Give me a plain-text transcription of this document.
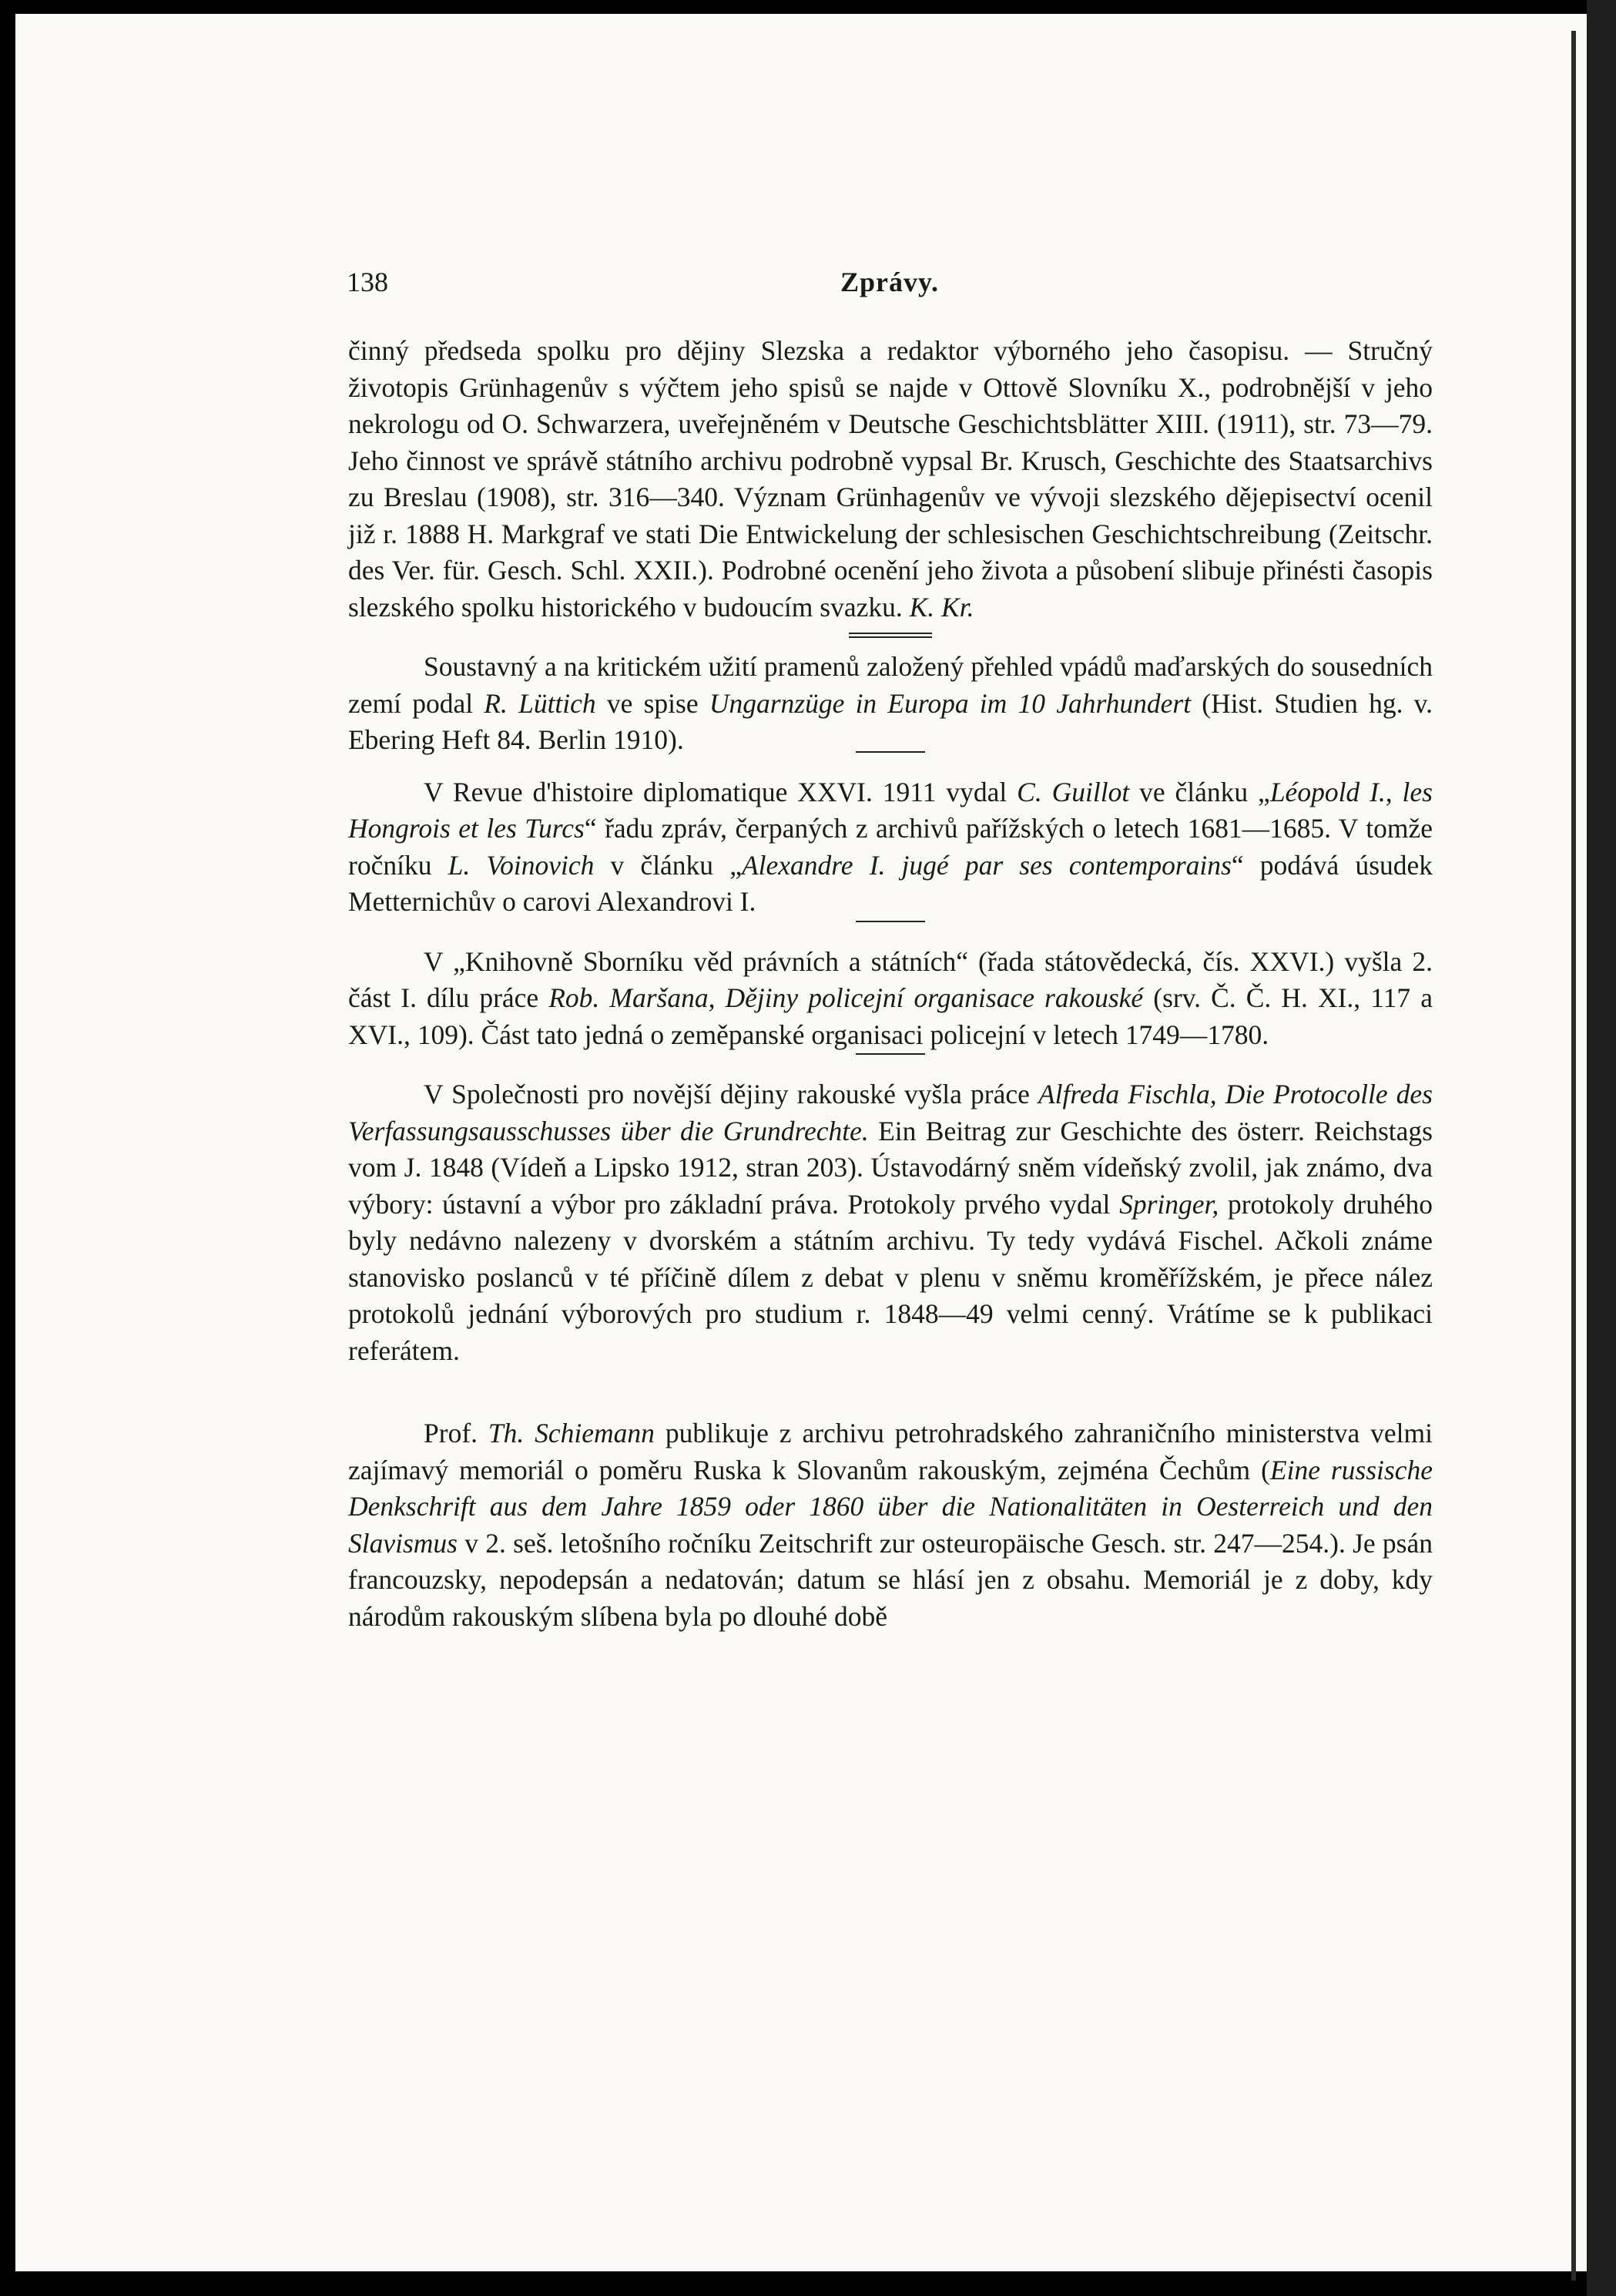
138	Zprávy.

činný předseda spolku pro dějiny Slezska a redaktor výborného jeho časopisu. — Stručný životopis Grünhagenův s výčtem jeho spisů se najde v Ottově Slovníku X., podrobnější v jeho nekrologu od O. Schwarzera, uveřejněném v Deutsche Geschichtsblätter XIII. (1911), str. 73—79. Jeho činnost ve správě státního archivu podrobně vypsal Br. Krusch, Geschichte des Staatsarchivs zu Breslau (1908), str. 316—340. Význam Grünhagenův ve vývoji slezského dějepisectví ocenil již r. 1888 H. Markgraf ve stati Die Entwickelung der schlesischen Geschichtschreibung (Zeitschr. des Ver. für. Gesch. Schl. XXII.). Podrobné ocenění jeho života a působení slibuje přinésti časopis slezského spolku historického v budoucím svazku. K. Kr.

Soustavný a na kritickém užití pramenů založený přehled vpádů maďarských do sousedních zemí podal R. Lüttich ve spise Ungarnzüge in Europa im 10 Jahrhundert (Hist. Studien hg. v. Ebering Heft 84. Berlin 1910).

V Revue d'histoire diplomatique XXVI. 1911 vydal C. Guillot ve článku „Léopold I., les Hongrois et les Turcs“ řadu zpráv, čerpaných z archivů pařížských o letech 1681—1685. V tomže ročníku L. Voinovich v článku „Alexandre I. jugé par ses contemporains“ podává úsudek Metternichův o carovi Alexandrovi I.

V „Knihovně Sborníku věd právních a státních“ (řada státovědecká, čís. XXVI.) vyšla 2. část I. dílu práce Rob. Maršana, Dějiny policejní organisace rakouské (srv. Č. Č. H. XI., 117 a XVI., 109). Část tato jedná o zeměpanské organisaci policejní v letech 1749—1780.

V Společnosti pro novější dějiny rakouské vyšla práce Alfreda Fischla, Die Protocolle des Verfassungsausschusses über die Grundrechte. Ein Beitrag zur Geschichte des österr. Reichstags vom J. 1848 (Vídeň a Lipsko 1912, stran 203). Ústavodárný sněm vídeňský zvolil, jak známo, dva výbory: ústavní a výbor pro základní práva. Protokoly prvého vydal Springer, protokoly druhého byly nedávno nalezeny v dvorském a státním archivu. Ty tedy vydává Fischel. Ačkoli známe stanovisko poslanců v té příčině dílem z debat v plenu v sněmu kroměřížském, je přece nález protokolů jednání výborových pro studium r. 1848—49 velmi cenný. Vrátíme se k publikaci referátem.

Prof. Th. Schiemann publikuje z archivu petrohradského zahraničního ministerstva velmi zajímavý memoriál o poměru Ruska k Slovanům rakouským, zejména Čechům (Eine russische Denkschrift aus dem Jahre 1859 oder 1860 über die Nationalitäten in Oesterreich und den Slavismus v 2. seš. letošního ročníku Zeitschrift zur osteuropäische Gesch. str. 247—254.). Je psán francouzsky, nepodepsán a nedatován; datum se hlásí jen z obsahu. Memoriál je z doby, kdy národům rakouským slíbena byla po dlouhé době
